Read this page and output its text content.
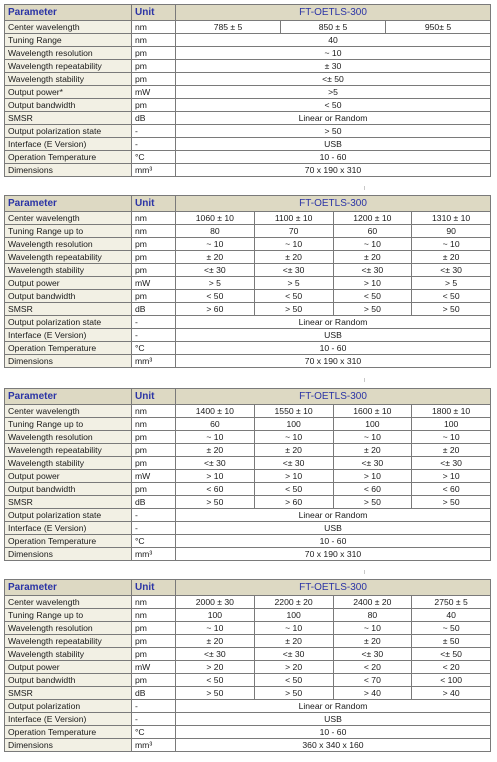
Parameter	Unit	FT-OETLS-300		
Center wavelength	nm	785 ± 5	850 ± 5	950± 5
Tuning Range	nm	40		
Wavelength resolution	pm	~ 10		
Wavelength repeatability	pm	± 30		
Wavelength stability	pm	<± 50		
Output power*	mW	>5		
Output bandwidth	pm	< 50		
SMSR	dB	Linear or Random		
Output polarization state	-	> 50		
Interface (E Version)	-	USB		
Operation Temperature	°C	10 - 60		
Dimensions	mm³	70 x 190 x 310		
Parameter	Unit	FT-OETLS-300			
Center wavelength	nm	1060 ± 10	1100 ± 10	1200 ± 10	1310 ± 10
Tuning Range up to	nm	80	70	60	90
Wavelength resolution	pm	~ 10	~ 10	~ 10	~ 10
Wavelength repeatability	pm	± 20	± 20	± 20	± 20
Wavelength stability	pm	<± 30	<± 30	<± 30	<± 30
Output power	mW	> 5	> 5	> 10	> 5
Output bandwidth	pm	< 50	< 50	< 50	< 50
SMSR	dB	> 60	> 50	> 50	> 50
Output polarization state	-	Linear or Random			
Interface (E Version)	-	USB			
Operation Temperature	°C	10 - 60			
Dimensions	mm³	70 x 190 x 310			
Parameter	Unit	FT-OETLS-300			
Center wavelength	nm	1400 ± 10	1550 ± 10	1600 ± 10	1800 ± 10
Tuning Range up to	nm	60	100	100	100
Wavelength resolution	pm	~ 10	~ 10	~ 10	~ 10
Wavelength repeatability	pm	± 20	± 20	± 20	± 20
Wavelength stability	pm	<± 30	<± 30	<± 30	<± 30
Output power	mW	> 10	> 10	> 10	> 10
Output bandwidth	pm	< 60	< 50	< 60	< 60
SMSR	dB	> 50	> 60	> 50	> 50
Output polarization state	-	Linear or Random			
Interface (E Version)	-	USB			
Operation Temperature	°C	10 - 60			
Dimensions	mm³	70 x 190 x 310			
Parameter	Unit	FT-OETLS-300			
Center wavelength	nm	2000 ± 30	2200 ± 20	2400 ± 20	2750 ± 5
Tuning Range up to	nm	100	100	80	40
Wavelength resolution	pm	~ 10	~ 10	~ 10	~ 50
Wavelength repeatability	pm	± 20	± 20	± 20	± 50
Wavelength stability	pm	<± 30	<± 30	<± 30	<± 50
Output power	mW	> 20	> 20	< 20	< 20
Output bandwidth	pm	< 50	< 50	< 70	< 100
SMSR	dB	> 50	> 50	> 40	> 40
Output polarization	-	Linear or Random			
Interface (E Version)	-	USB			
Operation Temperature	°C	10 - 60			
Dimensions	mm³	360 x 340 x 160			
